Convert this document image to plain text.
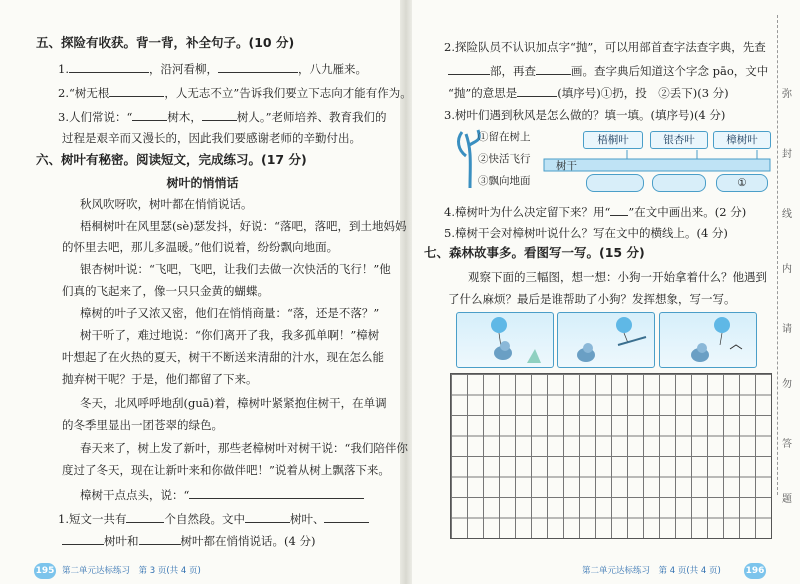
五、探险有收获。背一背，补全句子。(10 分)
1.	，沿河看柳，	，八九雁来。
2.“树无根	，人无志不立”告诉我们要立下志向才能有作为。
3.人们常说：“	树木，	树人。”老师培养、教育我们的
过程是艰辛而又漫长的，因此我们要感谢老师的辛勤付出。
六、树叶有秘密。阅读短文，完成练习。(17 分)
树叶的悄悄话
秋风吹呀吹，树叶都在悄悄说话。
梧桐树叶在风里瑟(sè)瑟发抖，好说：“落吧，落吧，到土地妈妈
的怀里去吧，那儿多温暖。”他们说着，纷纷飘向地面。
银杏树叶说：“飞吧，飞吧，让我们去做一次快活的飞行！”他
们真的飞起来了，像一只只金黄的蝴蝶。
樟树的叶子又浓又密，他们在悄悄商量：“落，还是不落？”
树干听了，难过地说：“你们离开了我，我多孤单啊！”樟树
叶想起了在火热的夏天，树干不断送来清甜的汁水，现在怎么能
抛弃树干呢？于是，他们都留了下来。
冬天，北风呼呼地刮(guā)着，樟树叶紧紧抱住树干，在单调
的冬季里显出一团苍翠的绿色。
春天来了，树上发了新叶，那些老樟树叶对树干说：“我们陪伴你
度过了冬天，现在让新叶来和你做伴吧！”说着从树上飘落下来。
樟树干点点头，说：“
1.短文一共有	个自然段。文中	树叶、
树叶和	树叶都在悄悄说话。(4 分)
195 第二单元达标练习　第 3 页(共 4 页)
2.探险队员不认识加点字“抛”，可以用部首查字法查字典，先查
部，再查	画。查字典后知道这个字念 pāo，文中
“抛”的意思是	(填序号)①扔，投　②丢下)(3 分)
3.树叶们遇到秋风是怎么做的？填一填。(填序号)(4 分)
①留在树上
②快活飞行
③飘向地面
树干
梧桐叶	银杏叶	樟树叶
①
4.樟树叶为什么决定留下来？用“ ”在文中画出来。(2 分)
5.樟树干会对樟树叶说什么？写在文中的横线上。(4 分)
七、森林故事多。看图写一写。(15 分)
观察下面的三幅图，想一想：小狗一开始拿着什么？他遇到
了什么麻烦？最后是谁帮助了小狗？发挥想象，写一写。
弥
封
线
内
请
勿
答
题
第二单元达标练习　第 4 页(共 4 页)	196
